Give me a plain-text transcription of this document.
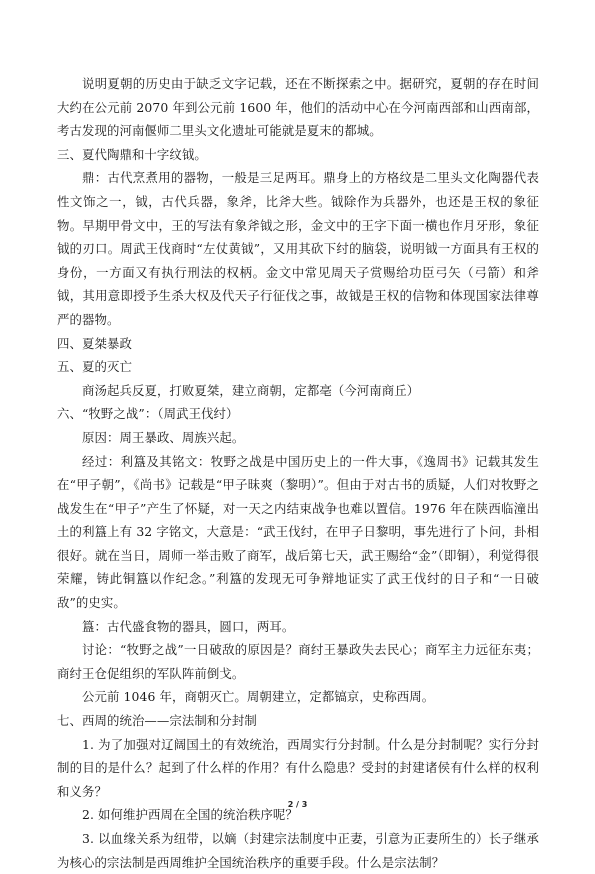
说明夏朝的历史由于缺乏文字记载，还在不断探索之中。据研究，夏朝的存在时间大约在公元前 2070 年到公元前 1600 年，他们的活动中心在今河南西部和山西南部，考古发现的河南偃师二里头文化遗址可能就是夏末的都城。

三、夏代陶鼎和十字纹钺。

鼎：古代烹煮用的器物，一般是三足两耳。鼎身上的方格纹是二里头文化陶器代表性文饰之一，钺，古代兵器，象斧，比斧大些。钺除作为兵器外，也还是王权的象征物。早期甲骨文中，王的写法有象斧钺之形，金文中的王字下面一横也作月牙形，象征钺的刃口。周武王伐商时“左仗黄钺”，又用其砍下纣的脑袋，说明钺一方面具有王权的身份，一方面又有执行刑法的权柄。金文中常见周天子赏赐给功臣弓矢（弓箭）和斧钺，其用意即授予生杀大权及代天子行征伐之事，故钺是王权的信物和体现国家法律尊严的器物。

四、夏桀暴政

五、夏的灭亡

商汤起兵反夏，打败夏桀，建立商朝，定都亳（今河南商丘）

六、“牧野之战”：（周武王伐纣）

原因：周王暴政、周族兴起。

经过：利簋及其铭文：牧野之战是中国历史上的一件大事，《逸周书》记载其发生在“甲子朝”，《尚书》记载是“甲子昧爽（黎明）”。但由于对古书的质疑，人们对牧野之战发生在“甲子”产生了怀疑，对一天之内结束战争也难以置信。1976 年在陕西临潼出土的利簋上有 32 字铭文，大意是：“武王伐纣，在甲子日黎明，事先进行了卜问，卦相很好。就在当日，周师一举击败了商军，战后第七天，武王赐给“金”（即铜），利觉得很荣耀，铸此铜簋以作纪念。”利簋的发现无可争辩地证实了武王伐纣的日子和“一日破敌”的史实。

簋：古代盛食物的器具，圆口，两耳。

讨论：“牧野之战”一日破敌的原因是？商纣王暴政失去民心；商军主力远征东夷；商纣王仓促组织的军队阵前倒戈。

公元前 1046 年，商朝灭亡。周朝建立，定都镐京，史称西周。

七、西周的统治——宗法制和分封制

1. 为了加强对辽阔国土的有效统治，西周实行分封制。什么是分封制呢？实行分封制的目的是什么？起到了什么样的作用？有什么隐患？受封的封建诸侯有什么样的权利和义务？

2. 如何维护西周在全国的统治秩序呢？

3. 以血缘关系为纽带，以嫡（封建宗法制度中正妻，引意为正妻所生的）长子继承为核心的宗法制是西周维护全国统治秩序的重要手段。什么是宗法制？

2 / 3
